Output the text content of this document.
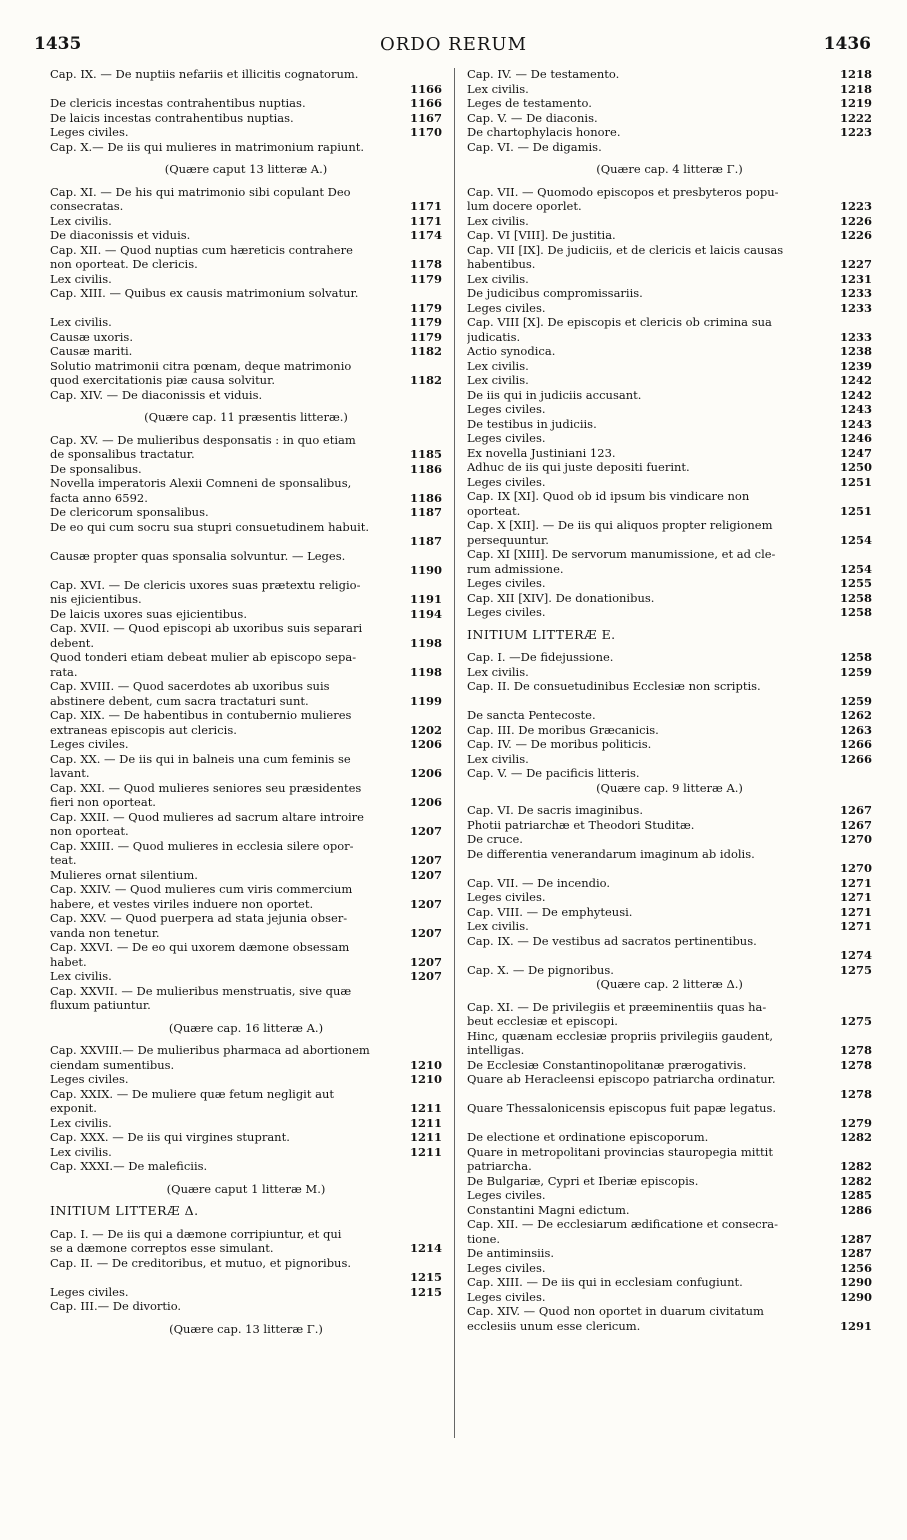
ORDO RERUM
1435	1436
Cap. IX. — De nuptiis nefariis et illicitis cognatorum.
1166
De clericis incestas contrahentibus nuptias.	1166
De laicis incestas contrahentibus nuptias.	1167
Leges civiles.	1170
Cap. X.— De iis qui mulieres in matrimonium rapiunt.
(Quære caput 13 litteræ A.)
Cap. XI. — De his qui matrimonio sibi copulant Deo
consecratas.	1171
Lex civilis.	1171
De diaconissis et viduis.	1174
Cap. XII. — Quod nuptias cum hæreticis contrahere
non oporteat. De clericis.	1178
Lex civilis.	1179
Cap. XIII. — Quibus ex causis matrimonium solvatur.
1179
Lex civilis.	1179
Causæ uxoris.	1179
Causæ mariti.	1182
Solutio matrimonii citra pœnam, deque matrimonio
quod exercitationis piæ causa solvitur.	1182
Cap. XIV. — De diaconissis et viduis.
(Quære cap. 11 præsentis litteræ.)
Cap. XV. — De mulieribus desponsatis : in quo etiam
de sponsalibus tractatur.	1185
De sponsalibus.	1186
Novella imperatoris Alexii Comneni de sponsalibus,
facta anno 6592.	1186
De clericorum sponsalibus.	1187
De eo qui cum socru sua stupri consuetudinem habuit.
1187
Causæ propter quas sponsalia solvuntur. — Leges.
1190
Cap. XVI. — De clericis uxores suas prætextu religio-
nis ejicientibus.	1191
De laicis uxores suas ejicientibus.	1194
Cap. XVII. — Quod episcopi ab uxoribus suis separari
debent.	1198
Quod tonderi etiam debeat mulier ab episcopo sepa-
rata.	1198
Cap. XVIII. — Quod sacerdotes ab uxoribus suis
abstinere debent, cum sacra tractaturi sunt.	1199
Cap. XIX. — De habentibus in contubernio mulieres
extraneas episcopis aut clericis.	1202
Leges civiles.	1206
Cap. XX. — De iis qui in balneis una cum feminis se
lavant.	1206
Cap. XXI. — Quod mulieres seniores seu præsidentes
fieri non oporteat.	1206
Cap. XXII. — Quod mulieres ad sacrum altare introire
non oporteat.	1207
Cap. XXIII. — Quod mulieres in ecclesia silere opor-
teat.	1207
Mulieres ornat silentium.	1207
Cap. XXIV. — Quod mulieres cum viris commercium
habere, et vestes viriles induere non oportet.	1207
Cap. XXV. — Quod puerpera ad stata jejunia obser-
vanda non tenetur.	1207
Cap. XXVI. — De eo qui uxorem dæmone obsessam
habet.	1207
Lex civilis.	1207
Cap. XXVII. — De mulieribus menstruatis, sive quæ
fluxum patiuntur.
(Quære cap. 16 litteræ A.)
Cap. XXVIII.— De mulieribus pharmaca ad abortionem
ciendam sumentibus.	1210
Leges civiles.	1210
Cap. XXIX. — De muliere quæ fetum negligit aut
exponit.	1211
Lex civilis.	1211
Cap. XXX. — De iis qui virgines stuprant.	1211
Lex civilis.	1211
Cap. XXXI.— De maleficiis.
(Quære caput 1 litteræ M.)
INITIUM LITTERÆ Δ.
Cap. I. — De iis qui a dæmone corripiuntur, et qui
se a dæmone correptos esse simulant.	1214
Cap. II. — De creditoribus, et mutuo, et pignoribus.
1215
Leges civiles.	1215
Cap. III.— De divortio.
(Quære cap. 13 litteræ Γ.)
Cap. IV. — De testamento.	1218
Lex civilis.	1218
Leges de testamento.	1219
Cap. V. — De diaconis.	1222
De chartophylacis honore.	1223
Cap. VI. — De digamis.
(Quære cap. 4 litteræ Γ.)
Cap. VII. — Quomodo episcopos et presbyteros popu-
lum docere oporlet.	1223
Lex civilis.	1226
Cap. VI [VIII]. De justitia.	1226
Cap. VII [IX]. De judiciis, et de clericis et laicis causas
habentibus.	1227
Lex civilis.	1231
De judicibus compromissariis.	1233
Leges civiles.	1233
Cap. VIII [X]. De episcopis et clericis ob crimina sua
judicatis.	1233
Actio synodica.	1238
Lex civilis.	1239
Lex civilis.	1242
De iis qui in judiciis accusant.	1242
Leges civiles.	1243
De testibus in judiciis.	1243
Leges civiles.	1246
Ex novella Justiniani 123.	1247
Adhuc de iis qui juste depositi fuerint.	1250
Leges civiles.	1251
Cap. IX [XI]. Quod ob id ipsum bis vindicare non
oporteat.	1251
Cap. X [XII]. — De iis qui aliquos propter religionem
persequuntur.	1254
Cap. XI [XIII]. De servorum manumissione, et ad cle-
rum admissione.	1254
Leges civiles.	1255
Cap. XII [XIV]. De donationibus.	1258
Leges civiles.	1258
INITIUM LITTERÆ E.
Cap. I. —De fidejussione.	1258
Lex civilis.	1259
Cap. II. De consuetudinibus Ecclesiæ non scriptis.
1259
De sancta Pentecoste.	1262
Cap. III. De moribus Græcanicis.	1263
Cap. IV. — De moribus politicis.	1266
Lex civilis.	1266
Cap. V. — De pacificis litteris.
(Quære cap. 9 litteræ A.)
Cap. VI. De sacris imaginibus.	1267
Photii patriarchæ et Theodori Studitæ.	1267
De cruce.	1270
De differentia venerandarum imaginum ab idolis.
1270
Cap. VII. — De incendio.	1271
Leges civiles.	1271
Cap. VIII. — De emphyteusi.	1271
Lex civilis.	1271
Cap. IX. — De vestibus ad sacratos pertinentibus.
1274
Cap. X. — De pignoribus.	1275
(Quære cap. 2 litteræ Δ.)
Cap. XI. — De privilegiis et præeminentiis quas ha-
beut ecclesiæ et episcopi.	1275
Hinc, quænam ecclesiæ propriis privilegiis gaudent,
intelligas.	1278
De Ecclesiæ Constantinopolitanæ prærogativis.	1278
Quare ab Heracleensi episcopo patriarcha ordinatur.
1278
Quare Thessalonicensis episcopus fuit papæ legatus.
1279
De electione et ordinatione episcoporum.	1282
Quare in metropolitani provincias stauropegia mittit
patriarcha.	1282
De Bulgariæ, Cypri et Iberiæ episcopis.	1282
Leges civiles.	1285
Constantini Magni edictum.	1286
Cap. XII. — De ecclesiarum ædificatione et consecra-
tione.	1287
De antiminsiis.	1287
Leges civiles.	1256
Cap. XIII. — De iis qui in ecclesiam confugiunt.	1290
Leges civiles.	1290
Cap. XIV. — Quod non oportet in duarum civitatum
ecclesiis unum esse clericum.	1291
